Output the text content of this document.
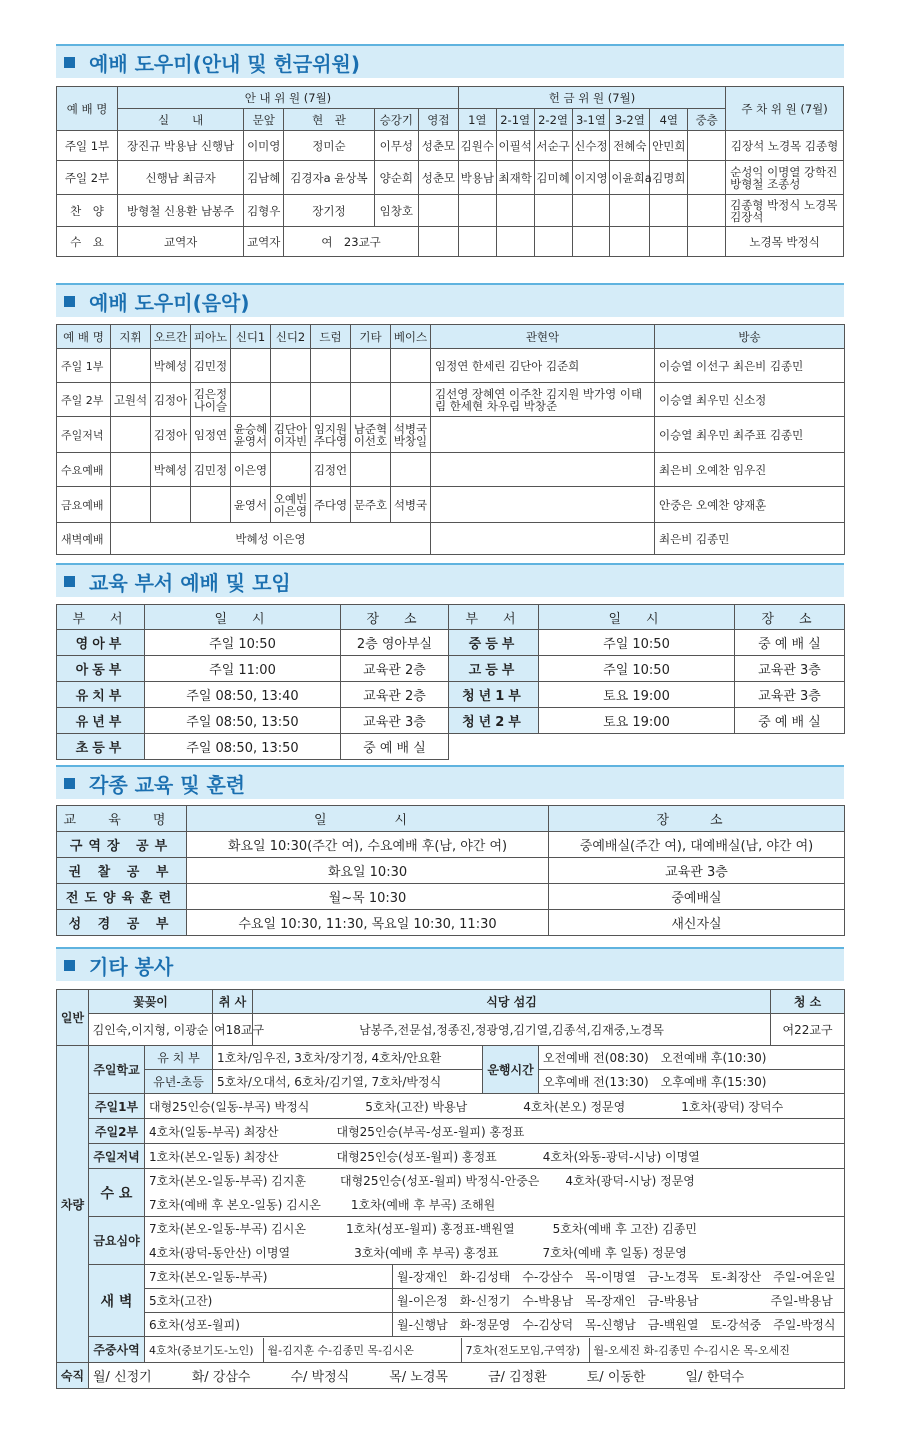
예배 도우미(안내 및 헌금위원)
예 배 명	안 내 위 원 (7월)					헌 금 위 원 (7월)							주 차 위 원 (7월)
	실　　내	문앞	현　관	승강기	영접	1열	2-1열	2-2열	3-1열	3-2열	4열	중층	
주일 1부	장진규 박용남 신행남	이미영	정미순	이무성	성춘모	김원수	이필석	서순구	신수정	전혜숙	안민희		김장석 노경목 김종형
주일 2부	신행남 최금자	김남혜	김경자a 윤상복	양순희	성춘모	박용남	최재학	김미혜	이지영	이윤희a	김명희		순성익 이명열 강학진 방형철 조종성
찬　양	방형철 신용환 남봉주	김형우	장기정	임창호									김종형 박정식 노경목 김장석
수　요	교역자	교역자	여　23교구										노경목 박정식
예배 도우미(음악)
예 배 명	지휘	오르간	피아노	신디1	신디2	드럼	기타	베이스	관현악	방송
주일 1부		박혜성	김민정						임정연 한세린 김단아 김준희	이승열 이선구 최은비 김종민
주일 2부	고원석	김정아	김은정 나이슬						김선영 장혜연 이주찬 김지원 박가영 이태림 한세현 차우림 박창준	이승열 최우민 신소정
주일저녁		김정아	임정연	윤승혜 윤영서	김단아 이자빈	임지원 주다영	남준혁 이선호	석병국 박창일		이승열 최우민 최주표 김종민
수요예배		박혜성	김민정	이은영		김정언				최은비 오예찬 임우진
금요예배				윤영서	오예빈 이은영	주다영	문주호	석병국		안중은 오예찬 양재훈
새벽예배	박혜성 이은영									최은비 김종민
교육 부서 예배 및 모임
부　서	일　시	장　소	부　서	일　시	장　소
영아부	주일 10:50	2층 영아부실	중등부	주일 10:50	중 예 배 실
아동부	주일 11:00	교육관 2층	고등부	주일 10:50	교육관 3층
유치부	주일 08:50, 13:40	교육관 2층	청년1부	토요 19:00	교육관 3층
유년부	주일 08:50, 13:50	교육관 3층	청년2부	토요 19:00	중 예 배 실
초등부	주일 08:50, 13:50	중 예 배 실			
각종 교육 및 훈련
교 육 명	일　　시	장　소
구역장 공부	화요일 10:30(주간 여), 수요예배 후(남, 야간 여)	중예배실(주간 여), 대예배실(남, 야간 여)
권 찰 공 부	화요일 10:30	교육관 3층
전도양육훈련	월~목 10:30	중예배실
성 경 공 부	수요일 10:30, 11:30, 목요일 10:30, 11:30	새신자실
기타 봉사
일반	꽃꽂이	취 사	식당 섬김	청 소
김인숙,이지형, 이광순	여18교구	남봉주,전문섭,정종진,정광영,김기열,김종석,김재중,노경목	여22교구
차량	주일학교	유 치 부	1호차/임우진, 3호차/장기정, 4호차/안요환	운행시간	오전예배 전(08:30)　오전예배 후(10:30)
유년-초등	5호차/오대석, 6호차/김기열, 7호차/박정식	오후예배 전(13:30)　오후예배 후(15:30)
주일1부	대형25인승(일동-부곡) 박정식	5호차(고잔) 박용남	4호차(본오) 정문영	1호차(광덕) 장덕수
주일2부	4호차(일동-부곡) 최장산	대형25인승(부곡-성포-월피) 홍정표
주일저녁	1호차(본오-일동) 최장산	대형25인승(성포-월피) 홍정표	4호차(와동-광덕-시낭) 이명열
수 요	7호차(본오-일동-부곡) 김지훈	대형25인승(성포-월피) 박정식-안중은 4호차(광덕-시낭) 정문영
7호차(예배 후 본오-일동) 김시온	1호차(예배 후 부곡) 조해원
금요심야	7호차(본오-일동-부곡) 김시온	1호차(성포-월피) 홍정표-백원열	5호차(예배 후 고잔) 김종민
4호차(광덕-동안산) 이명열	3호차(예배 후 부곡) 홍정표	7호차(예배 후 일동) 정문영
새 벽	7호차(본오-일동-부곡)	월-장재인　화-김성태　수-강삼수　목-이명열　금-노경목　토-최장산　주일-여운일
5호차(고잔)	월-이은정　화-신정기　수-박용남　목-장재인　금-박용남　　　　　　주일-박용남
6호차(성포-월피)	월-신행남　화-정문영　수-김상덕　목-신행남　금-백원열　토-강석중　주일-박정식
주중사역	4호차(중보기도-노인)	월-김지훈 수-김종민 목-김시온	7호차(전도모임,구역장)	월-오세진 화-김종민 수-김시온 목-오세진

숙직	월/ 신정기	화/ 강삼수	수/ 박정식	목/ 노경목	금/ 김정환	토/ 이동한	일/ 한덕수
